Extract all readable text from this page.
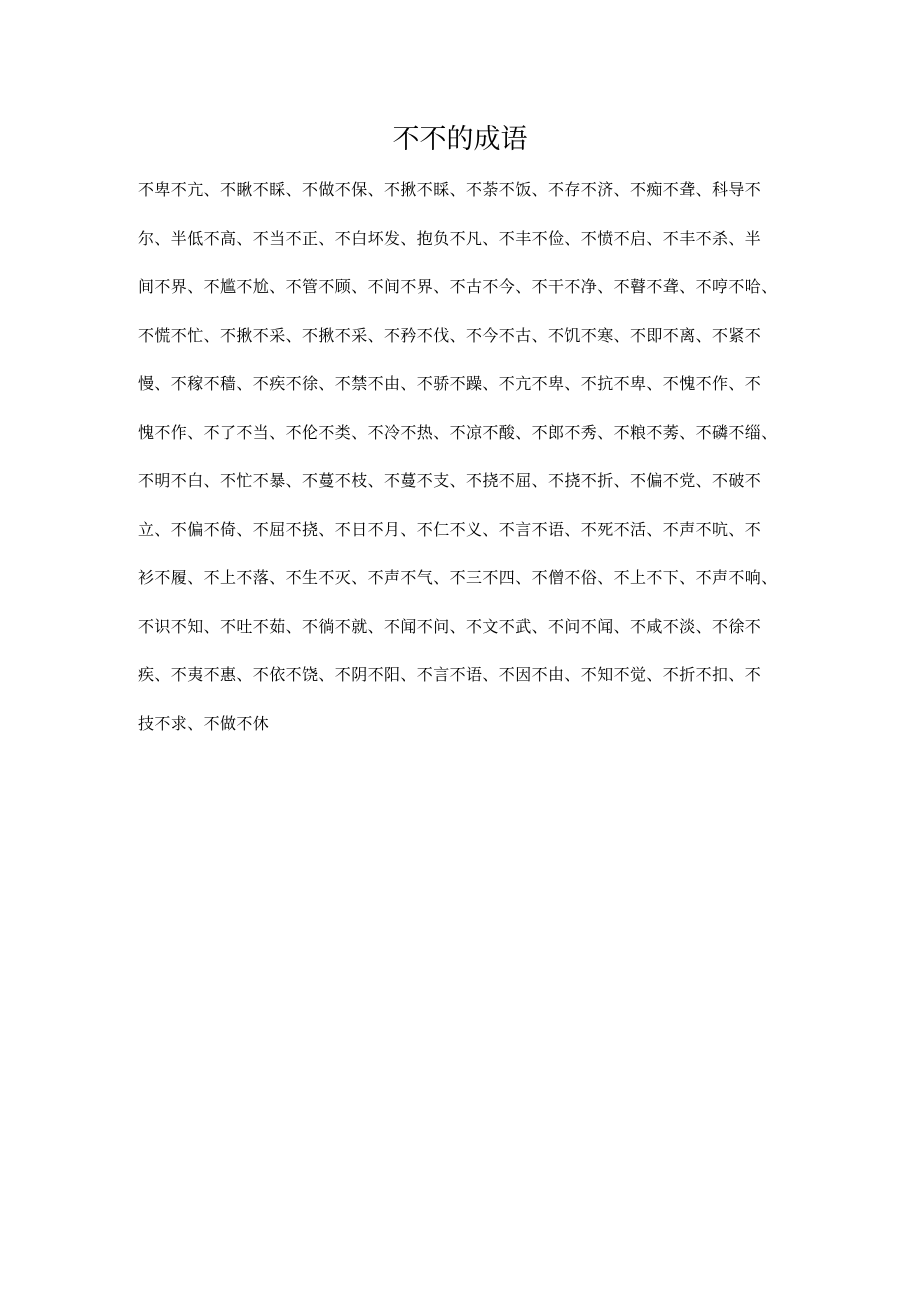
不不的成语
不卑不亢、不瞅不睬、不做不保、不揪不睬、不荼不饭、不存不济、不痴不聋、科导不
尔、半低不高、不当不正、不白坏发、抱负不凡、不丰不俭、不愤不启、不丰不杀、半
间不界、不尴不尬、不管不顾、不间不界、不古不今、不干不净、不瞽不聋、不哼不哈、
不慌不忙、不揪不采、不揪不采、不矜不伐、不今不古、不饥不寒、不即不离、不紧不
慢、不稼不穑、不疾不徐、不禁不由、不骄不躁、不亢不卑、不抗不卑、不愧不作、不
愧不作、不了不当、不伦不类、不冷不热、不凉不酸、不郎不秀、不粮不莠、不磷不缁、
不明不白、不忙不暴、不蔓不枝、不蔓不支、不挠不屈、不挠不折、不偏不党、不破不
立、不偏不倚、不屈不挠、不日不月、不仁不义、不言不语、不死不活、不声不吭、不
衫不履、不上不落、不生不灭、不声不气、不三不四、不僧不俗、不上不下、不声不响、
不识不知、不吐不茹、不徜不就、不闻不问、不文不武、不问不闻、不咸不淡、不徐不
疾、不夷不惠、不依不饶、不阴不阳、不言不语、不因不由、不知不觉、不折不扣、不
技不求、不做不休
